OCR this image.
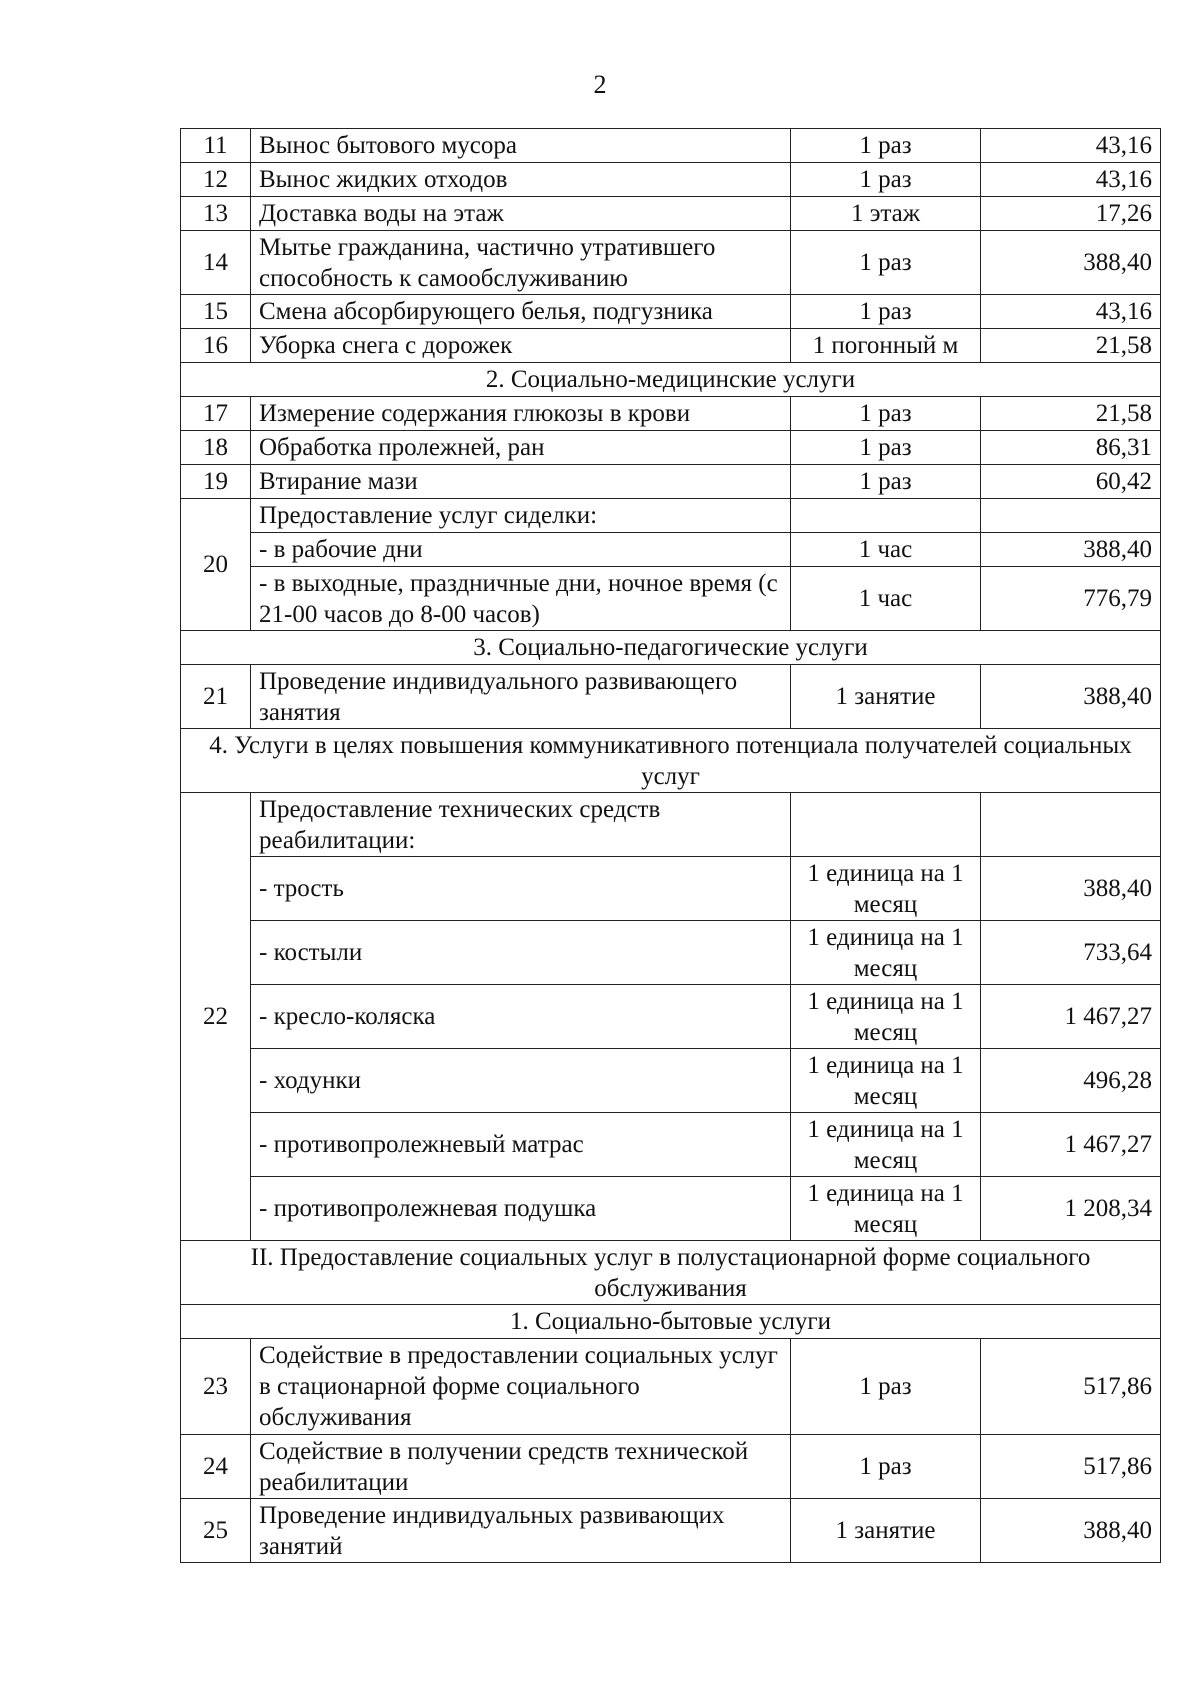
2
11	Вынос бытового мусора	1 раз	43,16
12	Вынос жидких отходов	1 раз	43,16
13	Доставка воды на этаж	1 этаж	17,26
14	Мытье гражданина, частично утратившего способность к самообслуживанию	1 раз	388,40
15	Смена абсорбирующего белья, подгузника	1 раз	43,16
16	Уборка снега с дорожек	1 погонный м	21,58
2. Социально-медицинские услуги			
17	Измерение содержания глюкозы в крови	1 раз	21,58
18	Обработка пролежней, ран	1 раз	86,31
19	Втирание мази	1 раз	60,42
20	Предоставление услуг сиделки:		
	- в рабочие дни	1 час	388,40
	- в выходные, праздничные дни, ночное время (с 21-00 часов до 8-00 часов)	1 час	776,79
3. Социально-педагогические услуги			
21	Проведение индивидуального развивающего занятия	1 занятие	388,40
4. Услуги в целях повышения коммуникативного потенциала получателей социальных услуг			
22	Предоставление технических средств реабилитации:		
	- трость	1 единица на 1 месяц	388,40
	- костыли	1 единица на 1 месяц	733,64
	- кресло-коляска	1 единица на 1 месяц	1 467,27
	- ходунки	1 единица на 1 месяц	496,28
	- противопролежневый матрас	1 единица на 1 месяц	1 467,27
	- противопролежневая подушка	1 единица на 1 месяц	1 208,34
II. Предоставление социальных услуг в полустационарной форме социального обслуживания			
1. Социально-бытовые услуги			
23	Содействие в предоставлении социальных услуг в стационарной форме социального обслуживания	1 раз	517,86
24	Содействие в получении средств технической реабилитации	1 раз	517,86
25	Проведение индивидуальных развивающих занятий	1 занятие	388,40
